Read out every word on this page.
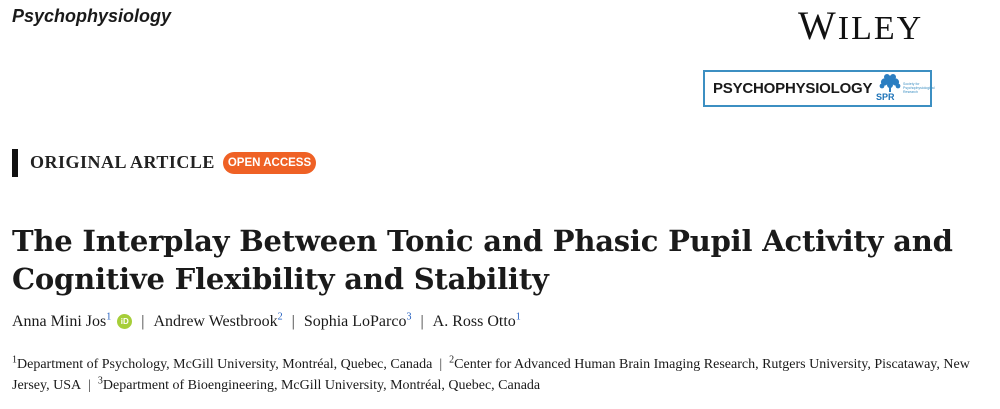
Psychophysiology	WILEY
PSYCHOPHYSIOLOGY SPR
Society for Psychophysiological Research
ORIGINAL ARTICLE	OPEN ACCESS
The Interplay Between Tonic and Phasic Pupil Activity and
Cognitive Flexibility and Stability
Anna Mini Jos$^1$ iD | Andrew Westbrook$^2$ | Sophia LoParco$^3$ | A. Ross Otto$^1$
$^1$Department of Psychology, McGill University, Montréal, Quebec, Canada | $^2$Center for Advanced Human Brain Imaging Research, Rutgers University, Piscataway, New Jersey, USA | $^3$Department of Bioengineering, McGill University, Montréal, Quebec, Canada
